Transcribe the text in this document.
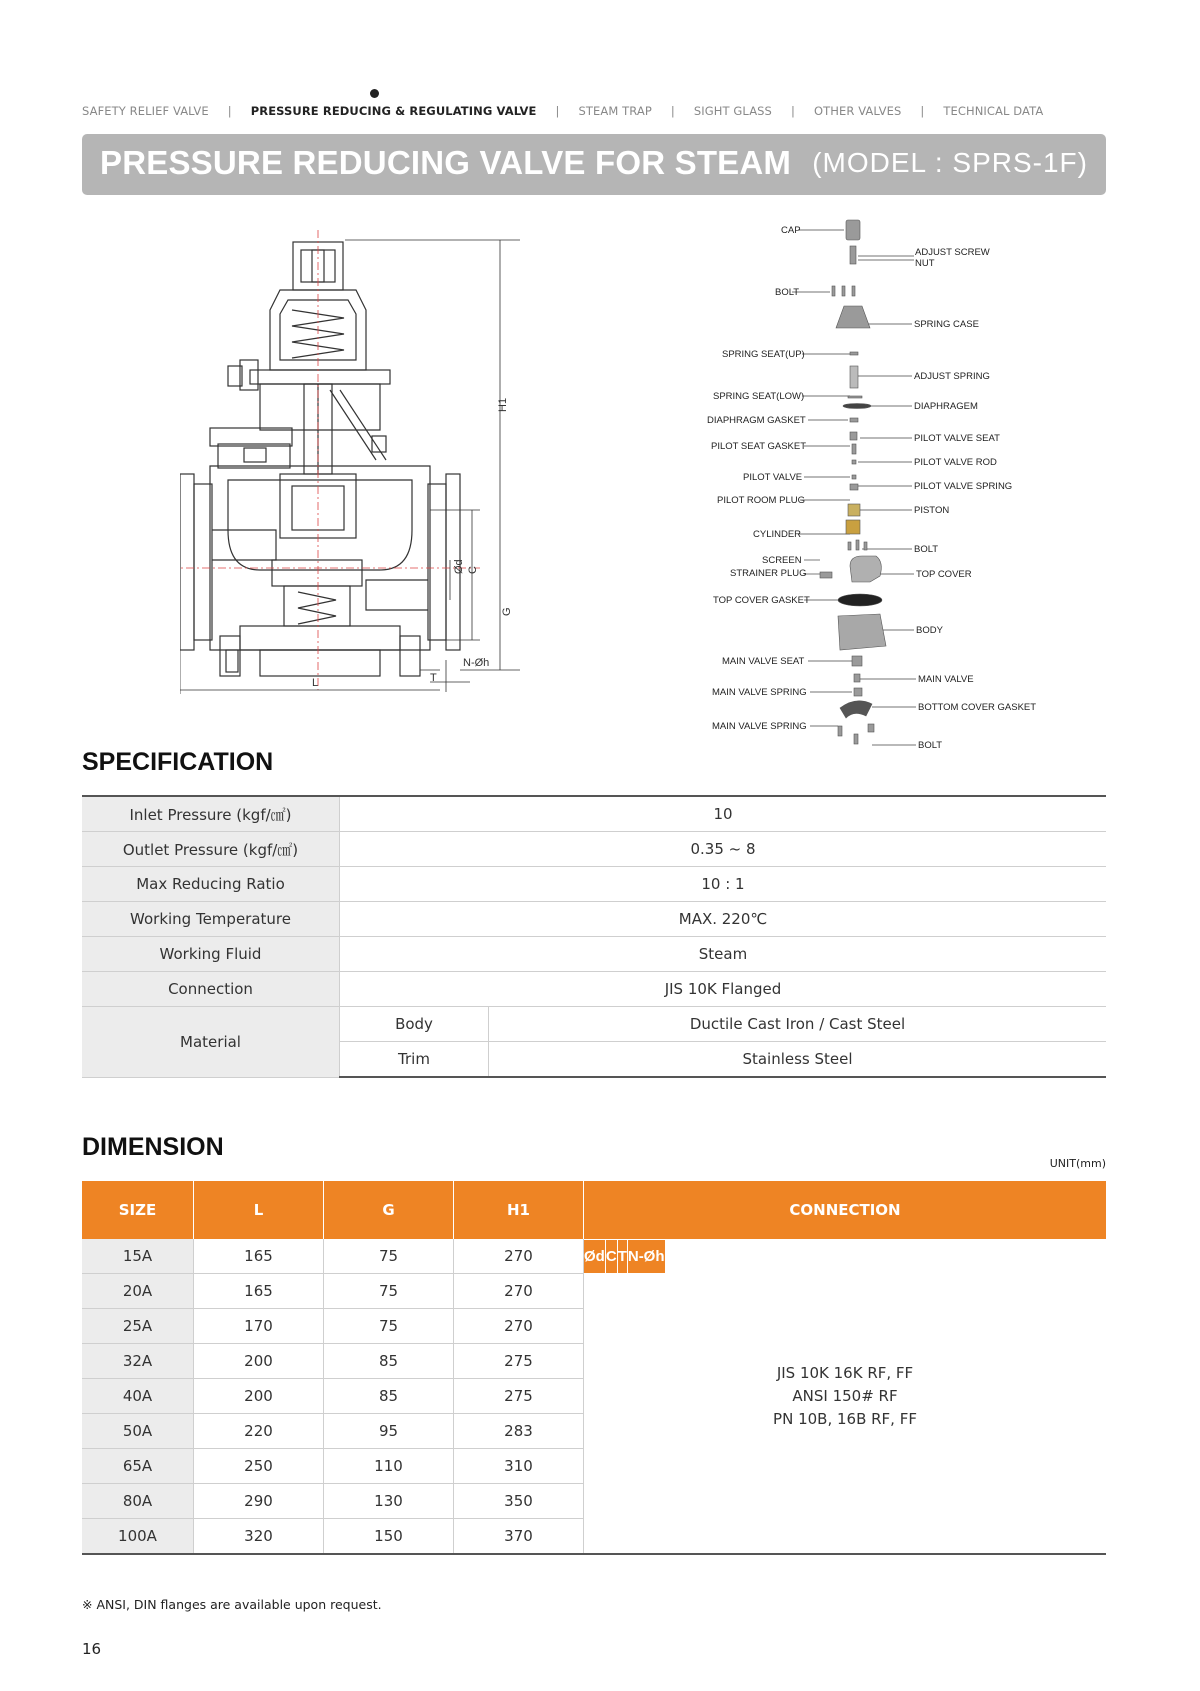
SAFETY RELIEF VALVE | PRESSURE REDUCING & REGULATING VALVE | STEAM TRAP | SIGHT GLASS | OTHER VALVES | TECHNICAL DATA
PRESSURE REDUCING VALVE FOR STEAM (MODEL : SPRS-1F)
H1
Ød C
G
N-Øh
T
L
CAP
ADJUST SCREW
NUT
BOLT
SPRING CASE
SPRING SEAT(UP)
ADJUST SPRING
SPRING SEAT(LOW)
DIAPHRAGEM
DIAPHRAGM GASKET
PILOT VALVE SEAT
PILOT SEAT GASKET
PILOT VALVE ROD
PILOT VALVE
PILOT VALVE SPRING
PILOT ROOM PLUG
PISTON
CYLINDER
BOLT
SCREEN
STRAINER PLUG	TOP COVER
TOP COVER GASKET
BODY
MAIN VALVE SEAT
MAIN VALVE
MAIN VALVE SPRING
BOTTOM COVER GASKET
MAIN VALVE SPRING
BOLT
SPECIFICATION
Inlet Pressure (kgf/㎠)	10	
Outlet Pressure (kgf/㎠)	0.35 ~ 8	
Max Reducing Ratio	10 : 1	
Working Temperature	MAX. 220℃	
Working Fluid	Steam	
Connection	JIS 10K Flanged	
Material	Body	Ductile Cast Iron / Cast Steel
	Trim	Stainless Steel
DIMENSION
UNIT(mm)
SIZE	L	G	H1	CONNECTION

Ød	C	T	N-Øh
15A	165	75	270	JIS 10K 16K RF, FF
ANSI 150# RF
PN 10B, 16B RF, FF

20A	165	75	270
25A	170	75	270
32A	200	85	275
40A	200	85	275
50A	220	95	283
65A	250	110	310
80A	290	130	350
100A	320	150	370
※ ANSI, DIN flanges are available upon request.
16
